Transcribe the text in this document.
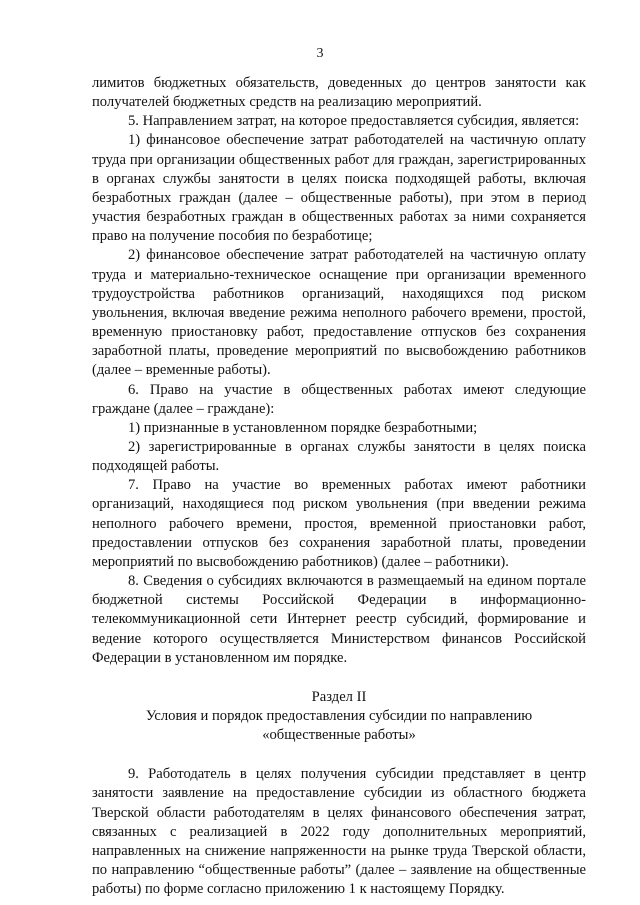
3

лимитов бюджетных обязательств, доведенных до центров занятости как получателей бюджетных средств на реализацию мероприятий.

5. Направлением затрат, на которое предоставляется субсидия, является:

1) финансовое обеспечение затрат работодателей на частичную оплату труда при организации общественных работ для граждан, зарегистрированных в органах службы занятости в целях поиска подходящей работы, включая безработных граждан (далее – общественные работы), при этом в период участия безработных граждан в общественных работах за ними сохраняется право на получение пособия по безработице;

2) финансовое обеспечение затрат работодателей на частичную оплату труда и материально-техническое оснащение при организации временного трудоустройства работников организаций, находящихся под риском увольнения, включая введение режима неполного рабочего времени, простой, временную приостановку работ, предоставление отпусков без сохранения заработной платы, проведение мероприятий по высвобождению работников (далее – временные работы).

6. Право на участие в общественных работах имеют следующие граждане (далее – граждане):

1) признанные в установленном порядке безработными;

2) зарегистрированные в органах службы занятости в целях поиска подходящей работы.

7. Право на участие во временных работах имеют работники организаций, находящиеся под риском увольнения (при введении режима неполного рабочего времени, простоя, временной приостановки работ, предоставлении отпусков без сохранения заработной платы, проведении мероприятий по высвобождению работников) (далее – работники).

8. Сведения о субсидиях включаются в размещаемый на едином портале бюджетной системы Российской Федерации в информационно-телекоммуникационной сети Интернет реестр субсидий, формирование и ведение которого осуществляется Министерством финансов Российской Федерации в установленном им порядке.

Раздел II

Условия и порядок предоставления субсидии по направлению

«общественные работы»

9. Работодатель в целях получения субсидии представляет в центр занятости заявление на предоставление субсидии из областного бюджета Тверской области работодателям в целях финансового обеспечения затрат, связанных с реализацией в 2022 году дополнительных мероприятий, направленных на снижение напряженности на рынке труда Тверской области, по направлению “общественные работы” (далее – заявление на общественные работы) по форме согласно приложению 1 к настоящему Порядку.
